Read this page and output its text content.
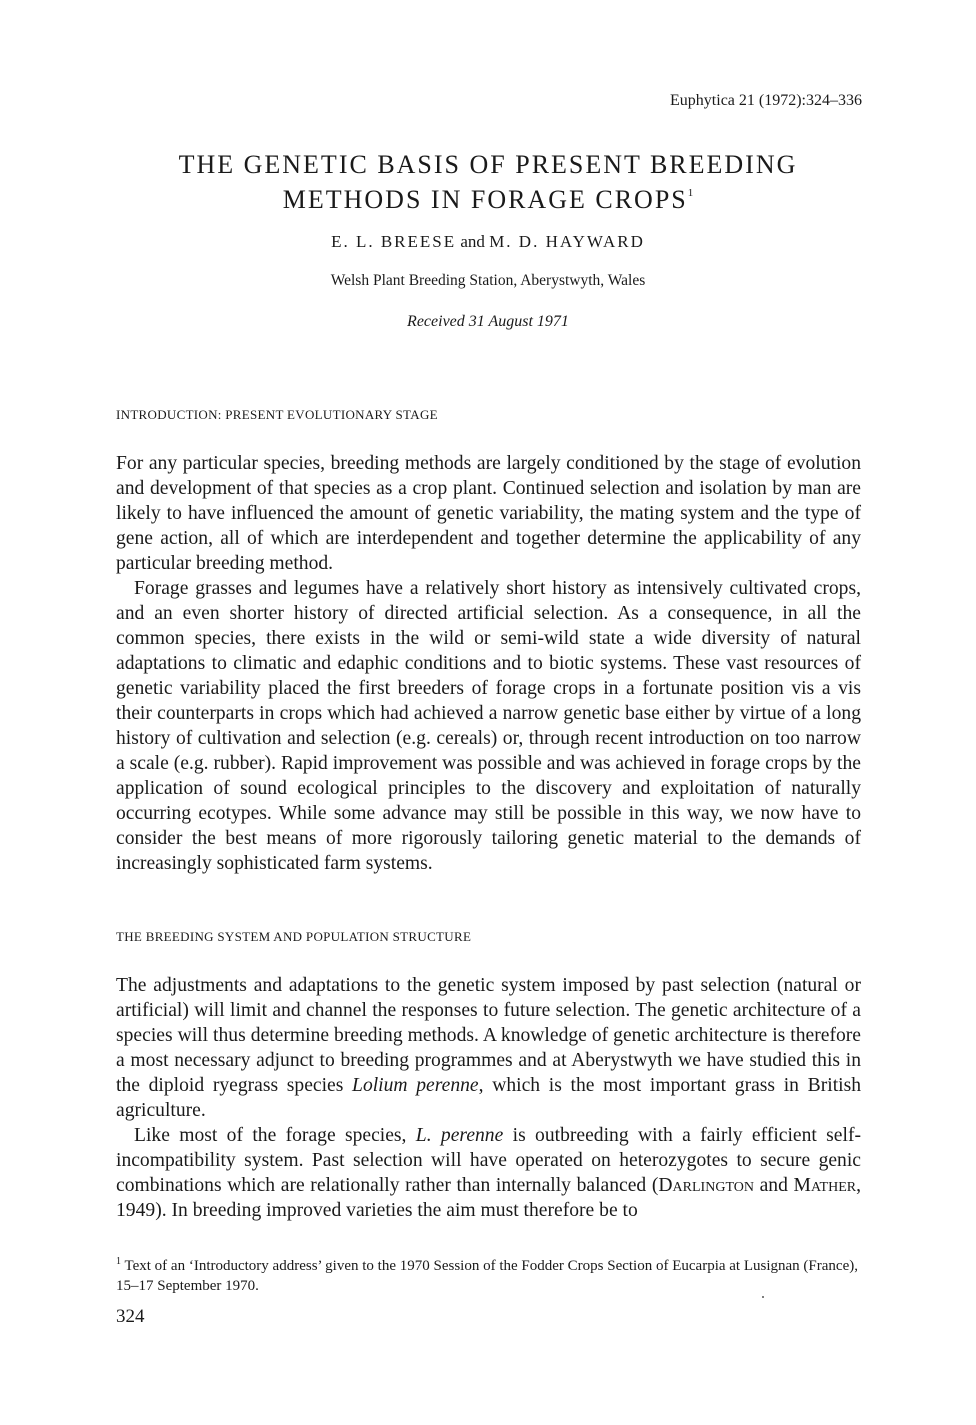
Euphytica 21 (1972):324–336
THE GENETIC BASIS OF PRESENT BREEDING
METHODS IN FORAGE CROPS$^1$
E. L. BREESE and M. D. HAYWARD
Welsh Plant Breeding Station, Aberystwyth, Wales
Received 31 August 1971
INTRODUCTION: PRESENT EVOLUTIONARY STAGE

For any particular species, breeding methods are largely conditioned by the stage of evolution and development of that species as a crop plant. Continued selection and isolation by man are likely to have influenced the amount of genetic variability, the mating system and the type of gene action, all of which are interdependent and together determine the applicability of any particular breeding method.

Forage grasses and legumes have a relatively short history as intensively cultivated crops, and an even shorter history of directed artificial selection. As a consequence, in all the common species, there exists in the wild or semi-wild state a wide diversity of natural adaptations to climatic and edaphic conditions and to biotic systems. These vast resources of genetic variability placed the first breeders of forage crops in a fortunate position vis a vis their counterparts in crops which had achieved a narrow genetic base either by virtue of a long history of cultivation and selection (e.g. cereals) or, through recent introduction on too narrow a scale (e.g. rubber). Rapid improvement was possible and was achieved in forage crops by the application of sound ecological principles to the discovery and exploitation of naturally occurring ecotypes. While some advance may still be possible in this way, we now have to consider the best means of more rigorously tailoring genetic material to the demands of increasingly sophisticated farm systems.

THE BREEDING SYSTEM AND POPULATION STRUCTURE

The adjustments and adaptations to the genetic system imposed by past selection (natural or artificial) will limit and channel the responses to future selection. The genetic architecture of a species will thus determine breeding methods. A knowledge of genetic architecture is therefore a most necessary adjunct to breeding programmes and at Aberystwyth we have studied this in the diploid ryegrass species Lolium perenne, which is the most important grass in British agriculture.

Like most of the forage species, L. perenne is outbreeding with a fairly efficient self-incompatibility system. Past selection will have operated on heterozygotes to secure genic combinations which are relationally rather than internally balanced (Darlington and Mather, 1949). In breeding improved varieties the aim must therefore be to

$^1$ Text of an ‘Introductory address’ given to the 1970 Session of the Fodder Crops Section of Eucarpia at Lusignan (France), 15–17 September 1970.
324
